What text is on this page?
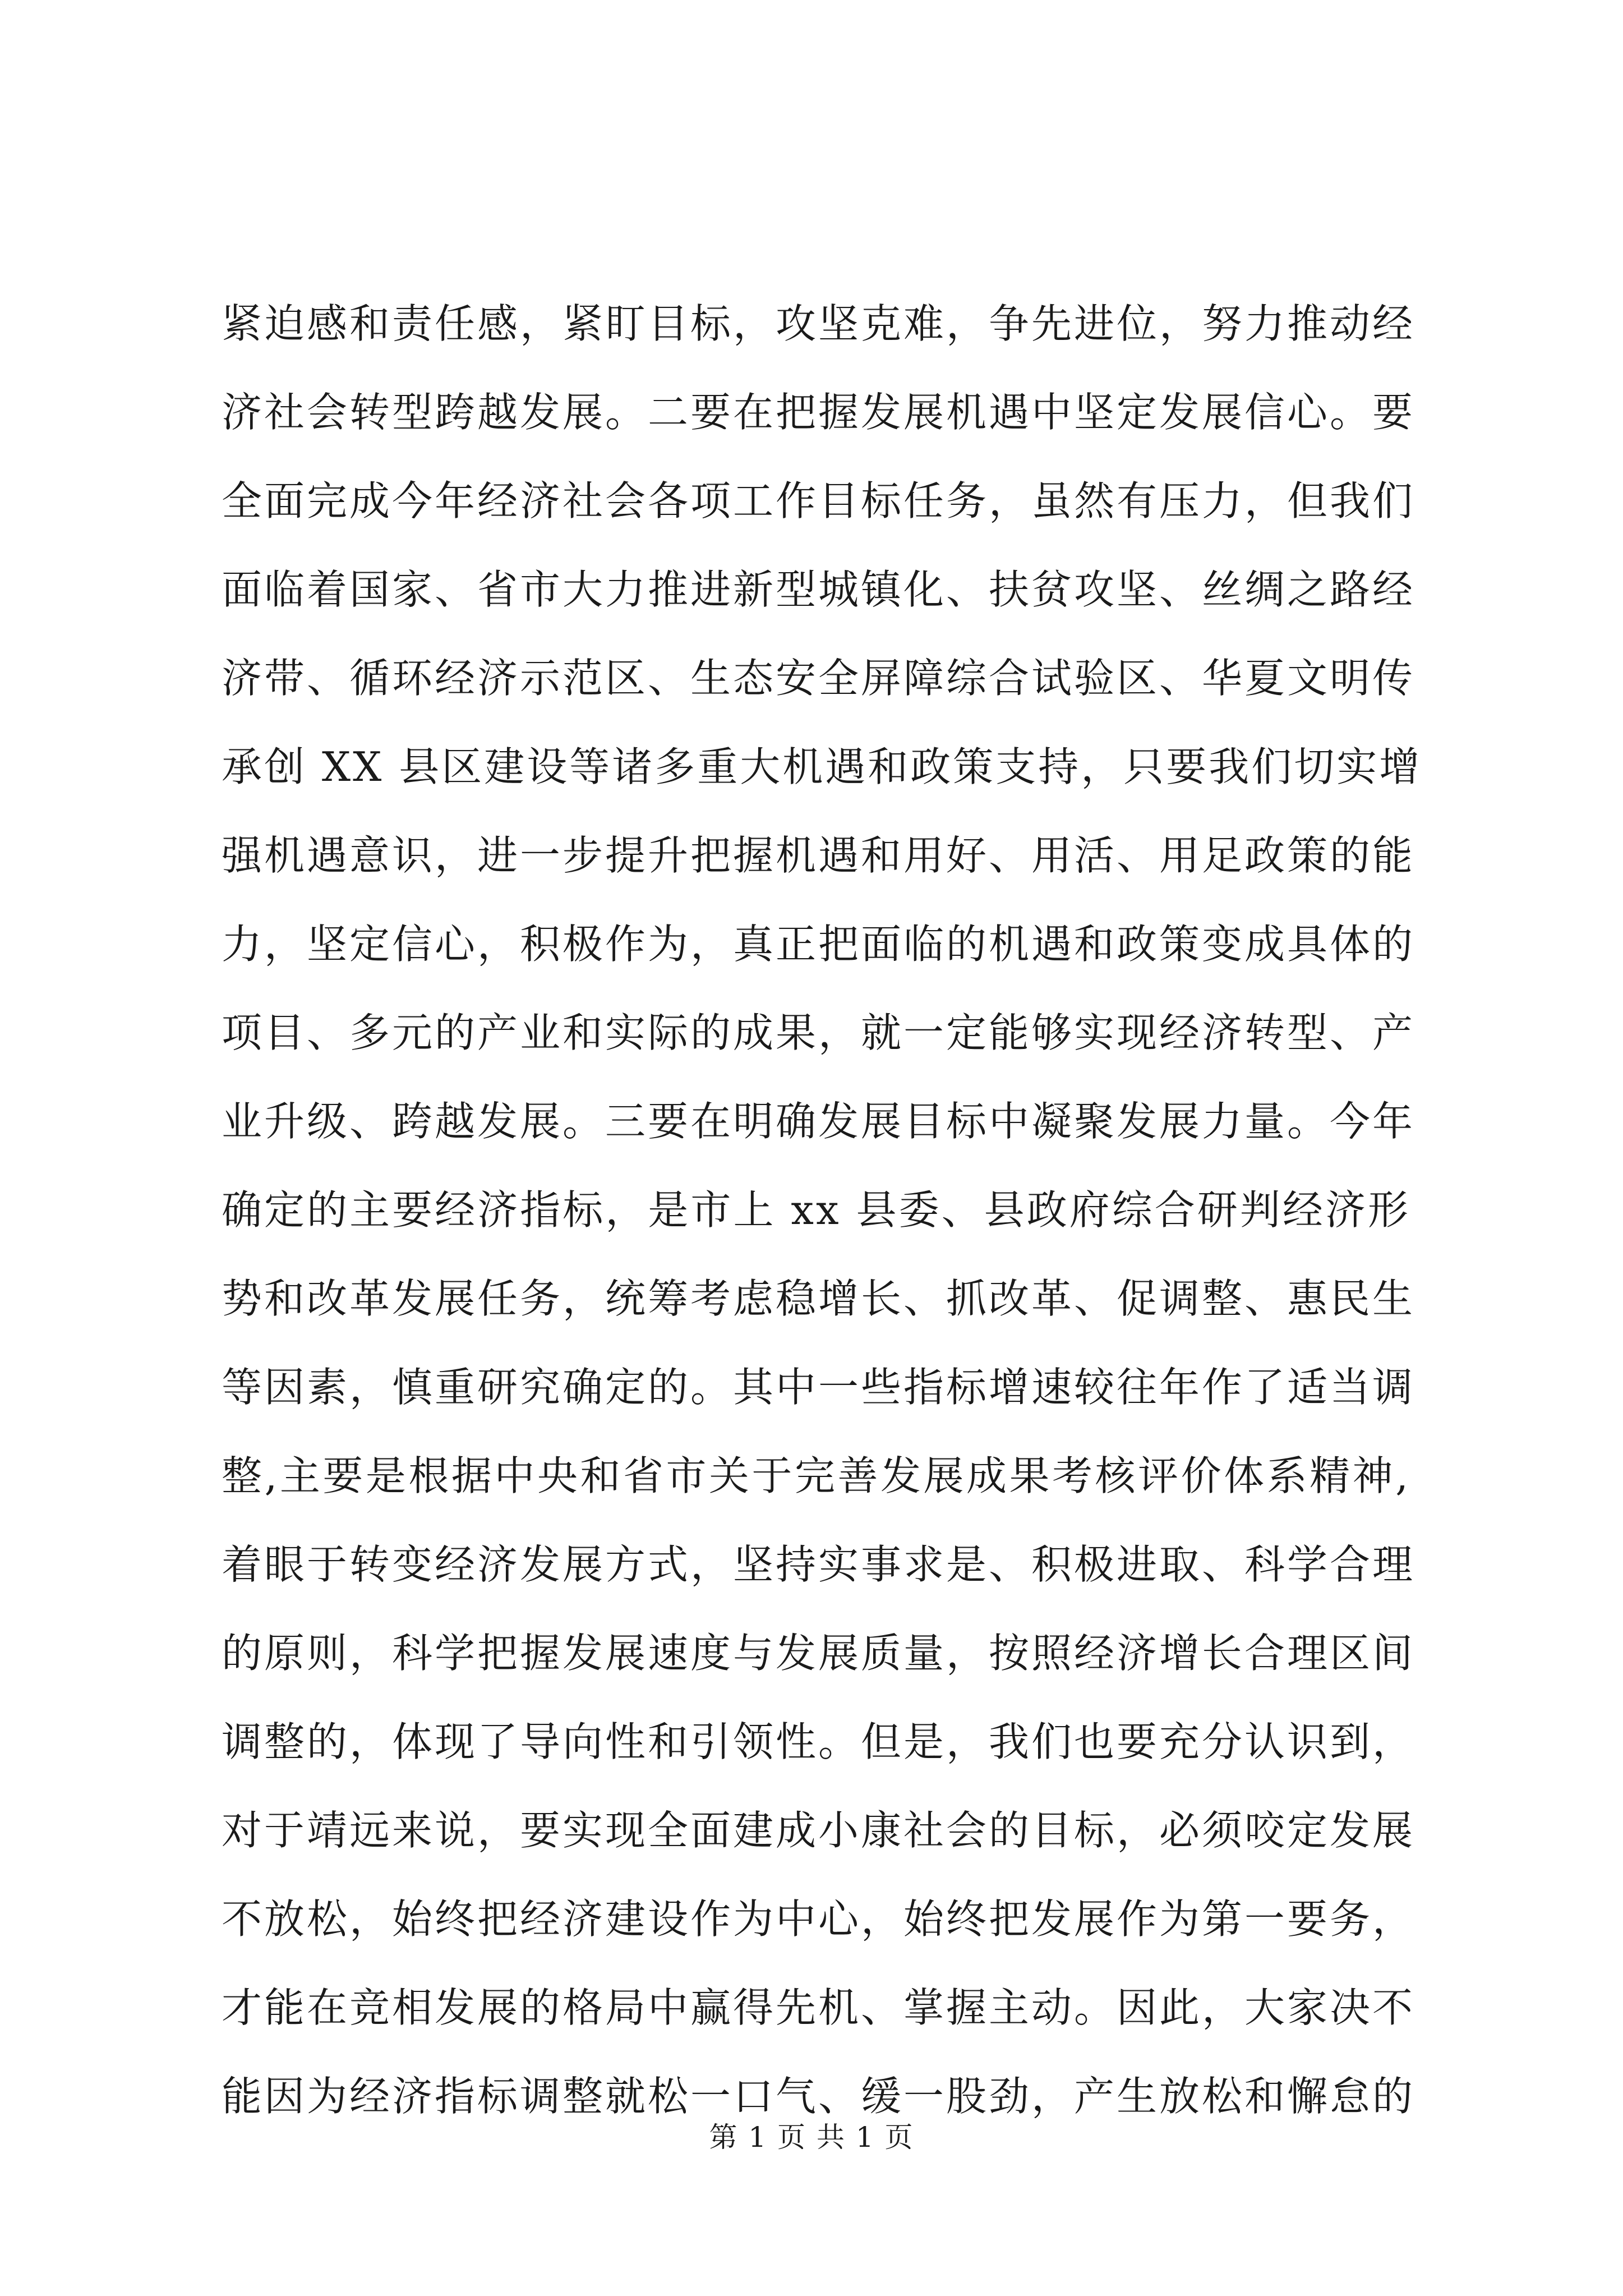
紧迫感和责任感，紧盯目标，攻坚克难，争先进位，努力推动经
济社会转型跨越发展。二要在把握发展机遇中坚定发展信心。要
全面完成今年经济社会各项工作目标任务，虽然有压力，但我们
面临着国家、省市大力推进新型城镇化、扶贫攻坚、丝绸之路经
济带、循环经济示范区、生态安全屏障综合试验区、华夏文明传
承创 XX 县区建设等诸多重大机遇和政策支持，只要我们切实增
强机遇意识，进一步提升把握机遇和用好、用活、用足政策的能
力，坚定信心，积极作为，真正把面临的机遇和政策变成具体的
项目、多元的产业和实际的成果，就一定能够实现经济转型、产
业升级、跨越发展。三要在明确发展目标中凝聚发展力量。今年
确定的主要经济指标，是市上 xx 县委、县政府综合研判经济形
势和改革发展任务，统筹考虑稳增长、抓改革、促调整、惠民生
等因素，慎重研究确定的。其中一些指标增速较往年作了适当调
整,主要是根据中央和省市关于完善发展成果考核评价体系精神,
着眼于转变经济发展方式，坚持实事求是、积极进取、科学合理
的原则，科学把握发展速度与发展质量，按照经济增长合理区间
调整的，体现了导向性和引领性。但是，我们也要充分认识到，
对于靖远来说，要实现全面建成小康社会的目标，必须咬定发展
不放松，始终把经济建设作为中心，始终把发展作为第一要务，
才能在竞相发展的格局中赢得先机、掌握主动。因此，大家决不
能因为经济指标调整就松一口气、缓一股劲，产生放松和懈怠的
第 1 页 共 1 页
